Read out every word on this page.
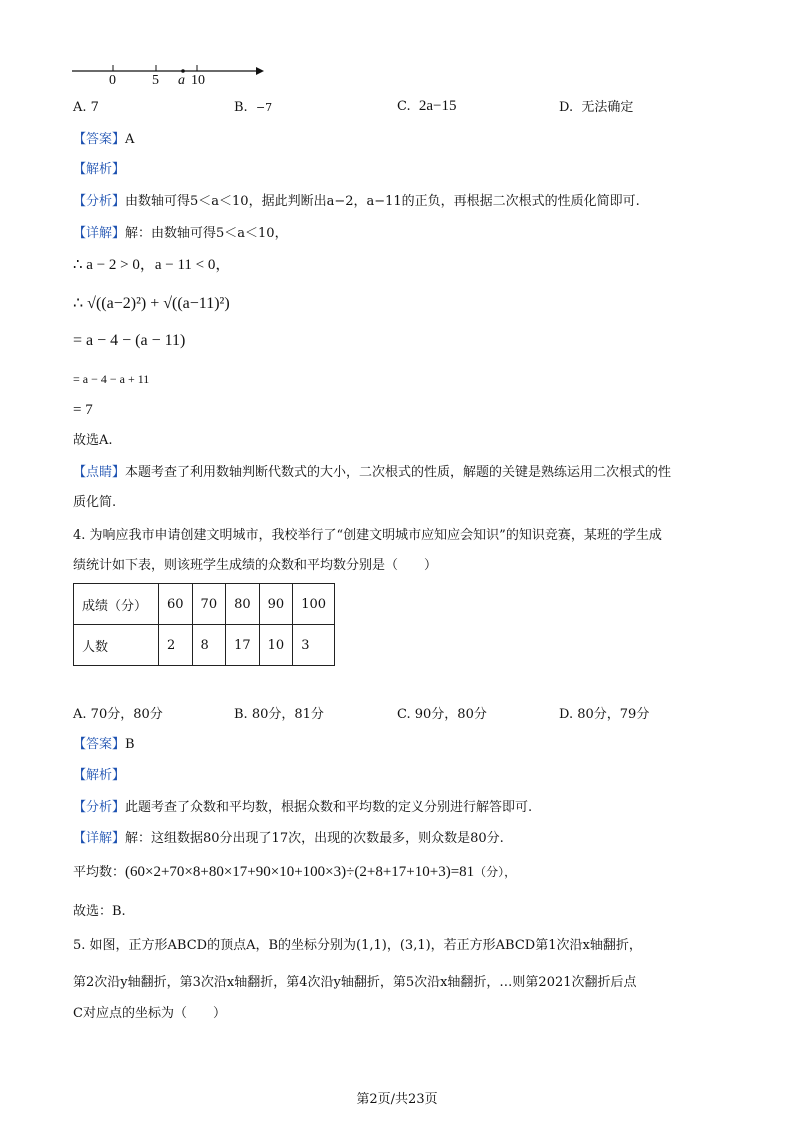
0	5 a 10
A. 7	B. −7	C. 2a−15	D. 无法确定
【答案】A
【解析】
【分析】由数轴可得5＜a＜10，据此判断出a−2，a−11的正负，再根据二次根式的性质化简即可.
【详解】解：由数轴可得5＜a＜10，
∴ a − 2 > 0，a − 11 < 0，
∴ √((a−2)²) + √((a−11)²)
= a − 4 − (a − 11)
= a − 4 − a + 11
= 7
故选A.
【点睛】本题考查了利用数轴判断代数式的大小，二次根式的性质，解题的关键是熟练运用二次根式的性
质化简.
4. 为响应我市申请创建文明城市，我校举行了“创建文明城市应知应会知识”的知识竞赛，某班的学生成
绩统计如下表，则该班学生成绩的众数和平均数分别是（　　）
成绩（分）	60	70	80	90	100
人数	2	8	17	10	3
A. 70分，80分	B. 80分，81分	C. 90分，80分	D. 80分，79分
【答案】B
【解析】
【分析】此题考查了众数和平均数，根据众数和平均数的定义分别进行解答即可.
【详解】解：这组数据80分出现了17次，出现的次数最多，则众数是80分.
平均数：(60×2+70×8+80×17+90×10+100×3)÷(2+8+17+10+3)=81（分），
故选：B.
5. 如图，正方形ABCD的顶点A，B的坐标分别为(1,1)，(3,1)，若正方形ABCD第1次沿x轴翻折，
第2次沿y轴翻折，第3次沿x轴翻折，第4次沿y轴翻折，第5次沿x轴翻折，…则第2021次翻折后点
C对应点的坐标为（　　）
第2页/共23页
